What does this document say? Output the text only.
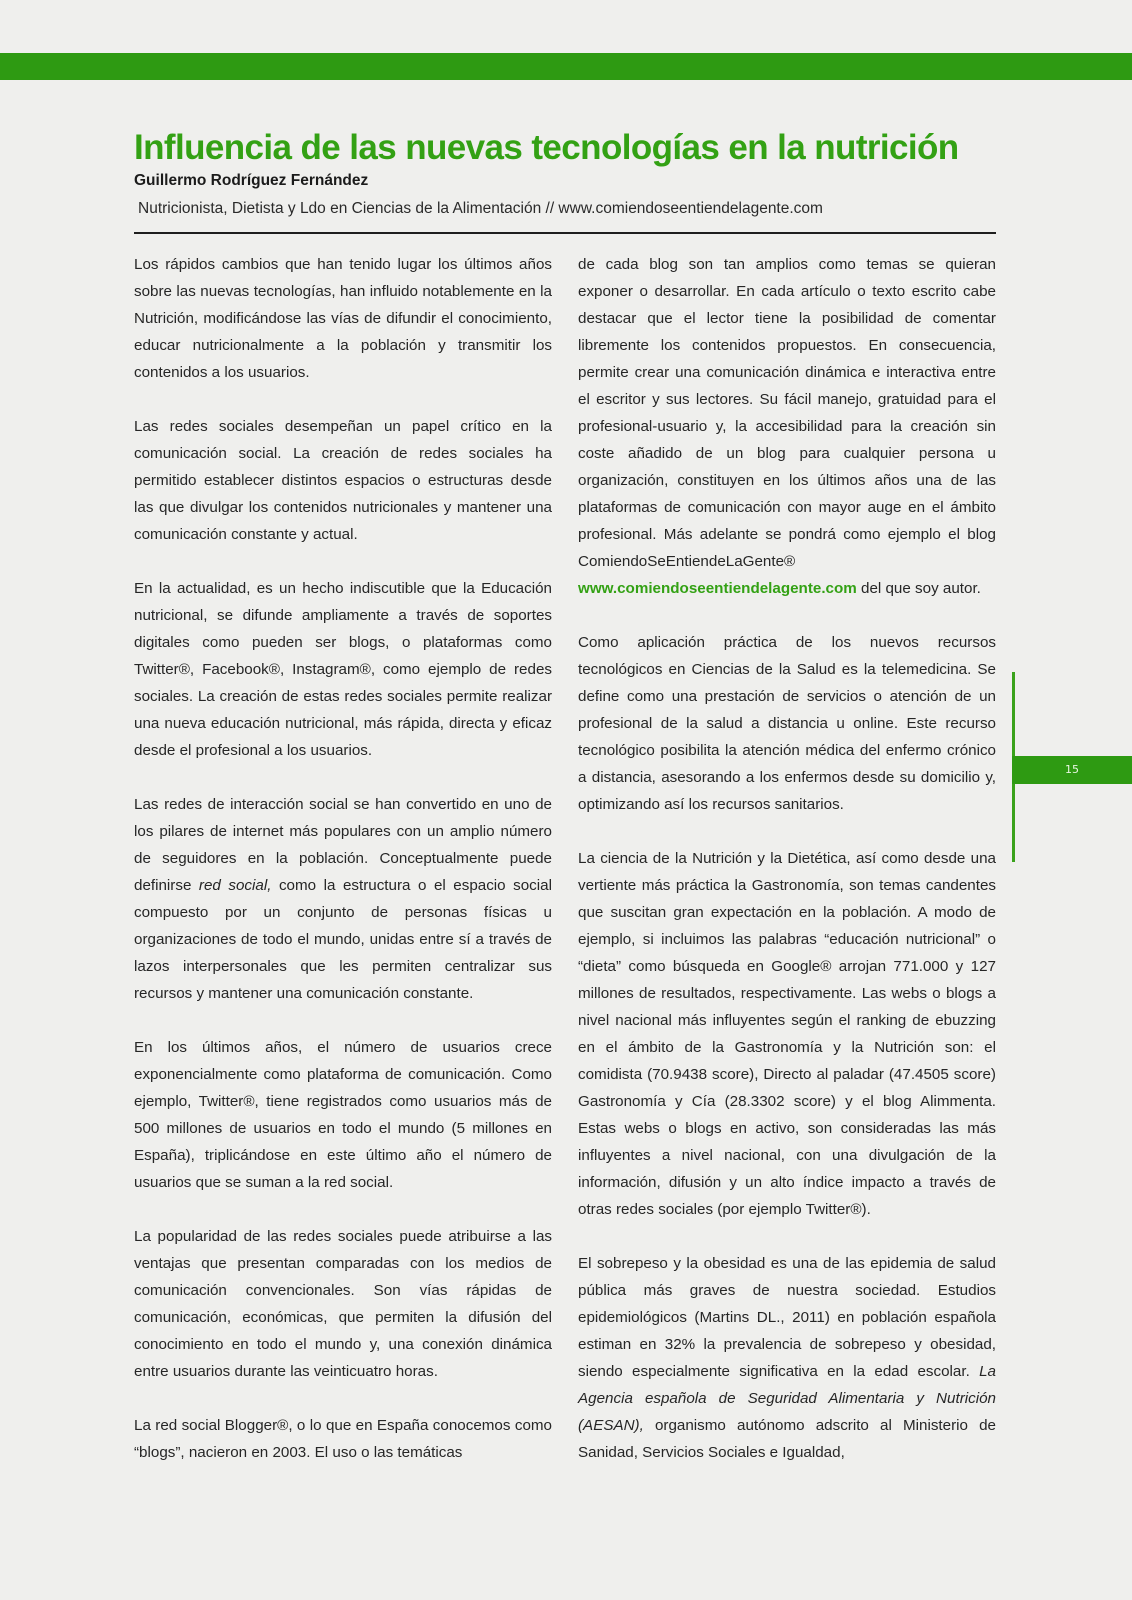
Influencia de las nuevas tecnologías en la nutrición
Guillermo Rodríguez Fernández
Nutricionista, Dietista y Ldo en Ciencias de la Alimentación // www.comiendoseentiendelagente.com

Los rápidos cambios que han tenido lugar los últimos años sobre las nuevas tecnologías, han influido notablemente en la Nutrición, modificándose las vías de difundir el conocimiento, educar nutricionalmente a la población y transmitir los contenidos a los usuarios.

Las redes sociales desempeñan un papel crítico en la comunicación social. La creación de redes sociales ha permitido establecer distintos espacios o estructuras desde las que divulgar los contenidos nutricionales y mantener una comunicación constante y actual.

En la actualidad, es un hecho indiscutible que la Educación nutricional, se difunde ampliamente a través de soportes digitales como pueden ser blogs, o plataformas como Twitter®, Facebook®, Instagram®, como ejemplo de redes sociales. La creación de estas redes sociales permite realizar una nueva educación nutricional, más rápida, directa y eficaz desde el profesional a los usuarios.

Las redes de interacción social se han convertido en uno de los pilares de internet más populares con un amplio número de seguidores en la población. Conceptualmente puede definirse red social, como la estructura o el espacio social compuesto por un conjunto de personas físicas u organizaciones de todo el mundo, unidas entre sí a través de lazos interpersonales que les permiten centralizar sus recursos y mantener una comunicación constante.

En los últimos años, el número de usuarios crece exponencialmente como plataforma de comunicación. Como ejemplo, Twitter®, tiene registrados como usuarios más de 500 millones de usuarios en todo el mundo (5 millones en España), triplicándose en este último año el número de usuarios que se suman a la red social.

La popularidad de las redes sociales puede atribuirse a las ventajas que presentan comparadas con los medios de comunicación convencionales. Son vías rápidas de comunicación, económicas, que permiten la difusión del conocimiento en todo el mundo y, una conexión dinámica entre usuarios durante las veinticuatro horas.

La red social Blogger®, o lo que en España conocemos como “blogs”, nacieron en 2003. El uso o las temáticas

de cada blog son tan amplios como temas se quieran exponer o desarrollar. En cada artículo o texto escrito cabe destacar que el lector tiene la posibilidad de comentar libremente los contenidos propuestos. En consecuencia, permite crear una comunicación dinámica e interactiva entre el escritor y sus lectores. Su fácil manejo, gratuidad para el profesional-usuario y, la accesibilidad para la creación sin coste añadido de un blog para cualquier persona u organización, constituyen en los últimos años una de las plataformas de comunicación con mayor auge en el ámbito profesional. Más adelante se pondrá como ejemplo el blog ComiendoSeEntiendeLaGente® www.comiendoseentiendelagente.com del que soy autor.

Como aplicación práctica de los nuevos recursos tecnológicos en Ciencias de la Salud es la telemedicina. Se define como una prestación de servicios o atención de un profesional de la salud a distancia u online. Este recurso tecnológico posibilita la atención médica del enfermo crónico a distancia, asesorando a los enfermos desde su domicilio y, optimizando así los recursos sanitarios.

La ciencia de la Nutrición y la Dietética, así como desde una vertiente más práctica la Gastronomía, son temas candentes que suscitan gran expectación en la población. A modo de ejemplo, si incluimos las palabras “educación nutricional” o “dieta” como búsqueda en Google® arrojan 771.000 y 127 millones de resultados, respectivamente. Las webs o blogs a nivel nacional más influyentes según el ranking de ebuzzing en el ámbito de la Gastronomía y la Nutrición son: el comidista (70.9438 score), Directo al paladar (47.4505 score) Gastronomía y Cía (28.3302 score) y el blog Alimmenta. Estas webs o blogs en activo, son consideradas las más influyentes a nivel nacional, con una divulgación de la información, difusión y un alto índice impacto a través de otras redes sociales (por ejemplo Twitter®).

El sobrepeso y la obesidad es una de las epidemia de salud pública más graves de nuestra sociedad. Estudios epidemiológicos (Martins DL., 2011) en población española estiman en 32% la prevalencia de sobrepeso y obesidad, siendo especialmente significativa en la edad escolar. La Agencia española de Seguridad Alimentaria y Nutrición (AESAN), organismo autónomo adscrito al Ministerio de Sanidad, Servicios Sociales e Igualdad,

15
